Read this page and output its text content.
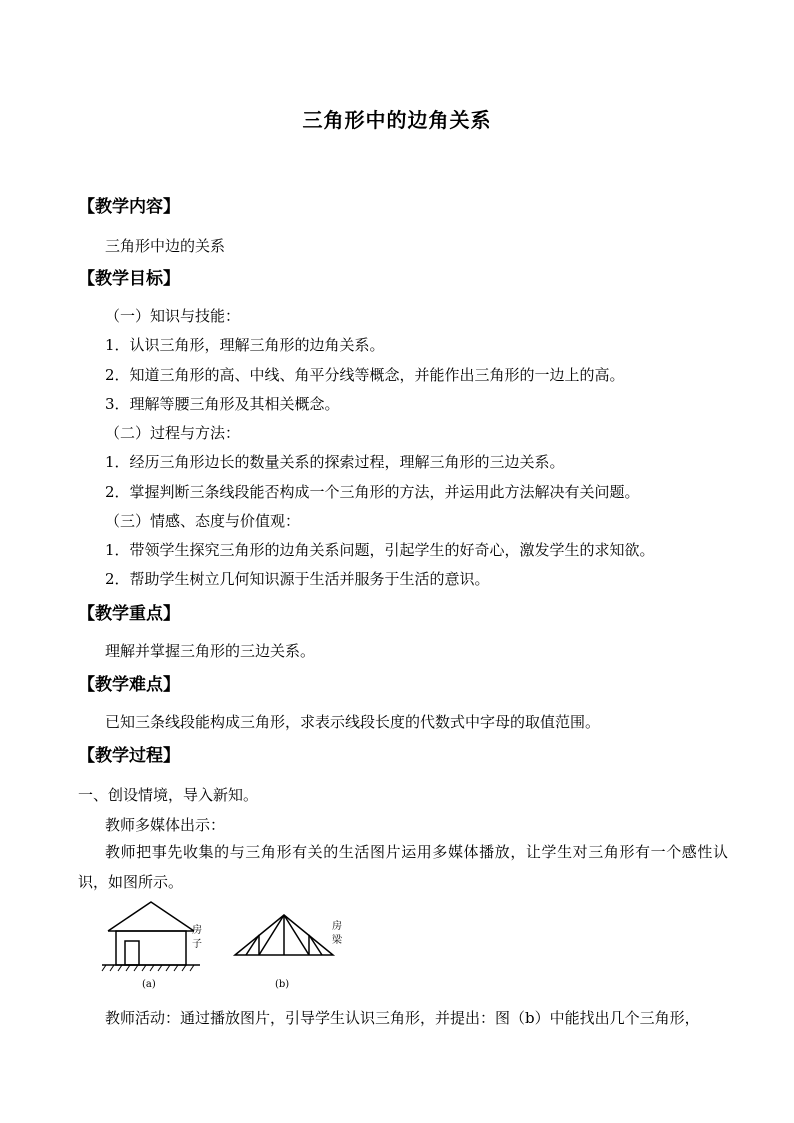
三角形中的边角关系
【教学内容】
三角形中边的关系
【教学目标】
（一）知识与技能：
1．认识三角形，理解三角形的边角关系。
2．知道三角形的高、中线、角平分线等概念，并能作出三角形的一边上的高。
3．理解等腰三角形及其相关概念。
（二）过程与方法：
1．经历三角形边长的数量关系的探索过程，理解三角形的三边关系。
2．掌握判断三条线段能否构成一个三角形的方法，并运用此方法解决有关问题。
（三）情感、态度与价值观：
1．带领学生探究三角形的边角关系问题，引起学生的好奇心，激发学生的求知欲。
2．帮助学生树立几何知识源于生活并服务于生活的意识。
【教学重点】
理解并掌握三角形的三边关系。
【教学难点】
已知三条线段能构成三角形，求表示线段长度的代数式中字母的取值范围。
【教学过程】
一、创设情境，导入新知。
教师多媒体出示：
教师把事先收集的与三角形有关的生活图片运用多媒体播放，让学生对三角形有一个感性认识，如图所示。
房
子
(a)
房
梁
(b)
教师活动：通过播放图片，引导学生认识三角形，并提出：图（b）中能找出几个三角形，
